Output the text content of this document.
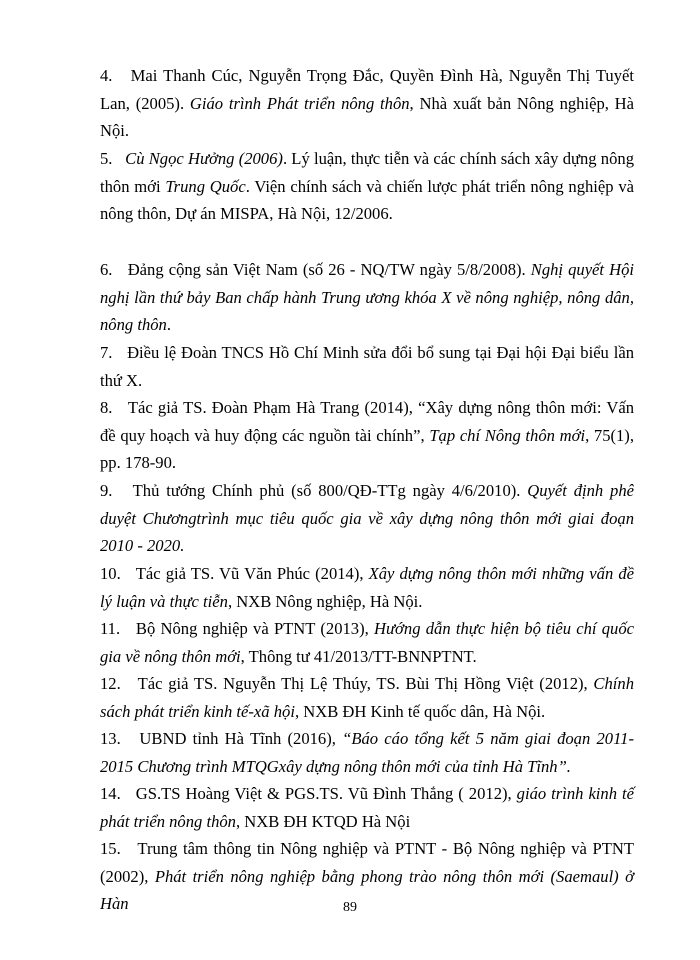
4. Mai Thanh Cúc, Nguyễn Trọng Đắc, Quyền Đình Hà, Nguyễn Thị Tuyết Lan, (2005). Giáo trình Phát triển nông thôn, Nhà xuất bản Nông nghiệp, Hà Nội.

5. Cù Ngọc Hưởng (2006). Lý luận, thực tiễn và các chính sách xây dựng nông thôn mới Trung Quốc. Viện chính sách và chiến lược phát triển nông nghiệp và nông thôn, Dự án MISPA, Hà Nội, 12/2006.

6. Đảng cộng sản Việt Nam (số 26 - NQ/TW ngày 5/8/2008). Nghị quyết Hội nghị lần thứ bảy Ban chấp hành Trung ương khóa X về nông nghiệp, nông dân, nông thôn.

7. Điều lệ Đoàn TNCS Hồ Chí Minh sửa đổi bổ sung tại Đại hội Đại biểu lần thứ X.

8. Tác giả TS. Đoàn Phạm Hà Trang (2014), “Xây dựng nông thôn mới: Vấn đề quy hoạch và huy động các nguồn tài chính”, Tạp chí Nông thôn mới, 75(1), pp. 178-90.

9. Thủ tướng Chính phủ (số 800/QĐ-TTg ngày 4/6/2010). Quyết định phê duyệt Chươngtrình mục tiêu quốc gia về xây dựng nông thôn mới giai đoạn 2010 - 2020.

10. Tác giả TS. Vũ Văn Phúc (2014), Xây dựng nông thôn mới những vấn đề lý luận và thực tiễn, NXB Nông nghiệp, Hà Nội.

11. Bộ Nông nghiệp và PTNT (2013), Hướng dẫn thực hiện bộ tiêu chí quốc gia về nông thôn mới, Thông tư 41/2013/TT-BNNPTNT.

12. Tác giả TS. Nguyễn Thị Lệ Thúy, TS. Bùi Thị Hồng Việt (2012), Chính sách phát triển kinh tế-xã hội, NXB ĐH Kinh tế quốc dân, Hà Nội.

13. UBND tỉnh Hà Tĩnh (2016), “Báo cáo tổng kết 5 năm giai đoạn 2011-2015 Chương trình MTQGxây dựng nông thôn mới của tỉnh Hà Tĩnh”.

14. GS.TS Hoàng Việt & PGS.TS. Vũ Đình Thắng ( 2012), giáo trình kinh tế phát triển nông thôn, NXB ĐH KTQD Hà Nội

15. Trung tâm thông tin Nông nghiệp và PTNT - Bộ Nông nghiệp và PTNT (2002), Phát triển nông nghiệp bằng phong trào nông thôn mới (Saemaul) ở Hàn	89
